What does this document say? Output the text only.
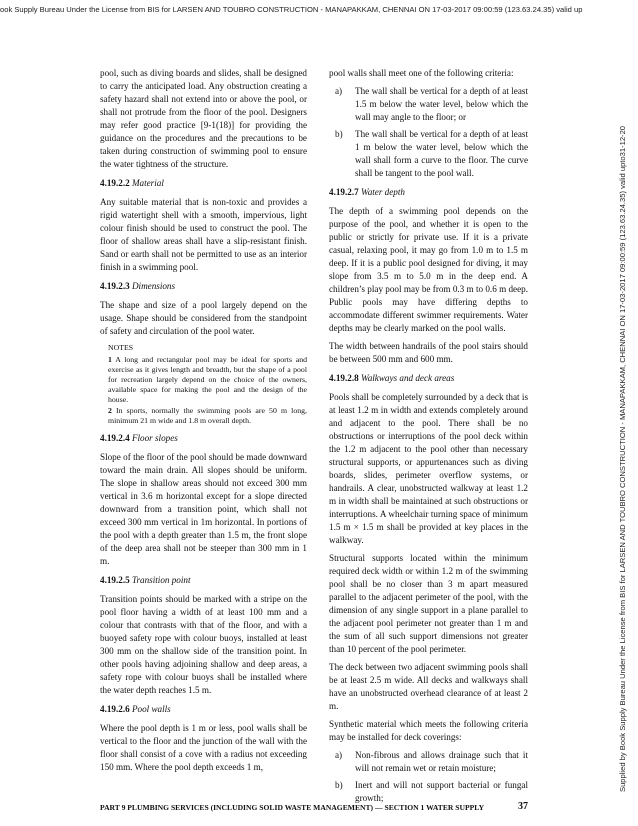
ook Supply Bureau Under the License from BIS for LARSEN AND TOUBRO CONSTRUCTION - MANAPAKKAM, CHENNAI ON 17-03-2017 09:00:59 (123.63.24.35) valid up
Supplied by Book Supply Bureau Under the License from BIS for LARSEN AND TOUBRO CONSTRUCTION - MANAPAKKAM, CHENNAI ON 17-03-2017 09:00:59 (123.63.24.35) valid upto31-12-20

pool, such as diving boards and slides, shall be designed to carry the anticipated load. Any obstruction creating a safety hazard shall not extend into or above the pool, or shall not protrude from the floor of the pool. Designers may refer good practice [9-1(18)] for providing the guidance on the procedures and the precautions to be taken during construction of swimming pool to ensure the water tightness of the structure.

4.19.2.2 Material

Any suitable material that is non-toxic and provides a rigid watertight shell with a smooth, impervious, light colour finish should be used to construct the pool. The floor of shallow areas shall have a slip-resistant finish. Sand or earth shall not be permitted to use as an interior finish in a swimming pool.

4.19.2.3 Dimensions

The shape and size of a pool largely depend on the usage. Shape should be considered from the standpoint of safety and circulation of the pool water.

NOTES
1 A long and rectangular pool may be ideal for sports and exercise as it gives length and breadth, but the shape of a pool for recreation largely depend on the choice of the owners, available space for making the pool and the design of the house.
2 In sports, normally the swimming pools are 50 m long, minimum 21 m wide and 1.8 m overall depth.
4.19.2.4 Floor slopes

Slope of the floor of the pool should be made downward toward the main drain. All slopes should be uniform. The slope in shallow areas should not exceed 300 mm vertical in 3.6 m horizontal except for a slope directed downward from a transition point, which shall not exceed 300 mm vertical in 1m horizontal. In portions of the pool with a depth greater than 1.5 m, the front slope of the deep area shall not be steeper than 300 mm in 1 m.

4.19.2.5 Transition point

Transition points should be marked with a stripe on the pool floor having a width of at least 100 mm and a colour that contrasts with that of the floor, and with a buoyed safety rope with colour buoys, installed at least 300 mm on the shallow side of the transition point. In other pools having adjoining shallow and deep areas, a safety rope with colour buoys shall be installed where the water depth reaches 1.5 m.

4.19.2.6 Pool walls

Where the pool depth is 1 m or less, pool walls shall be vertical to the floor and the junction of the wall with the floor shall consist of a cove with a radius not exceeding 150 mm. Where the pool depth exceeds 1 m,

pool walls shall meet one of the following criteria:

a) The wall shall be vertical for a depth of at least 1.5 m below the water level, below which the wall may angle to the floor; or
b) The wall shall be vertical for a depth of at least 1 m below the water level, below which the wall shall form a curve to the floor. The curve shall be tangent to the pool wall.
4.19.2.7 Water depth

The depth of a swimming pool depends on the purpose of the pool, and whether it is open to the public or strictly for private use. If it is a private casual, relaxing pool, it may go from 1.0 m to 1.5 m deep. If it is a public pool designed for diving, it may slope from 3.5 m to 5.0 m in the deep end. A children’s play pool may be from 0.3 m to 0.6 m deep. Public pools may have differing depths to accommodate different swimmer requirements. Water depths may be clearly marked on the pool walls.

The width between handrails of the pool stairs should be between 500 mm and 600 mm.

4.19.2.8 Walkways and deck areas

Pools shall be completely surrounded by a deck that is at least 1.2 m in width and extends completely around and adjacent to the pool. There shall be no obstructions or interruptions of the pool deck within the 1.2 m adjacent to the pool other than necessary structural supports, or appurtenances such as diving boards, slides, perimeter overflow systems, or handrails. A clear, unobstructed walkway at least 1.2 m in width shall be maintained at such obstructions or interruptions. A wheelchair turning space of minimum 1.5 m × 1.5 m shall be provided at key places in the walkway.

Structural supports located within the minimum required deck width or within 1.2 m of the swimming pool shall be no closer than 3 m apart measured parallel to the adjacent perimeter of the pool, with the dimension of any single support in a plane parallel to the adjacent pool perimeter not greater than 1 m and the sum of all such support dimensions not greater than 10 percent of the pool perimeter.

The deck between two adjacent swimming pools shall be at least 2.5 m wide. All decks and walkways shall have an unobstructed overhead clearance of at least 2 m.

Synthetic material which meets the following criteria may be installed for deck coverings:

a) Non-fibrous and allows drainage such that it will not remain wet or retain moisture;
b) Inert and will not support bacterial or fungal growth;
PART 9 PLUMBING SERVICES (INCLUDING SOLID WASTE MANAGEMENT) — SECTION 1 WATER SUPPLY	37
